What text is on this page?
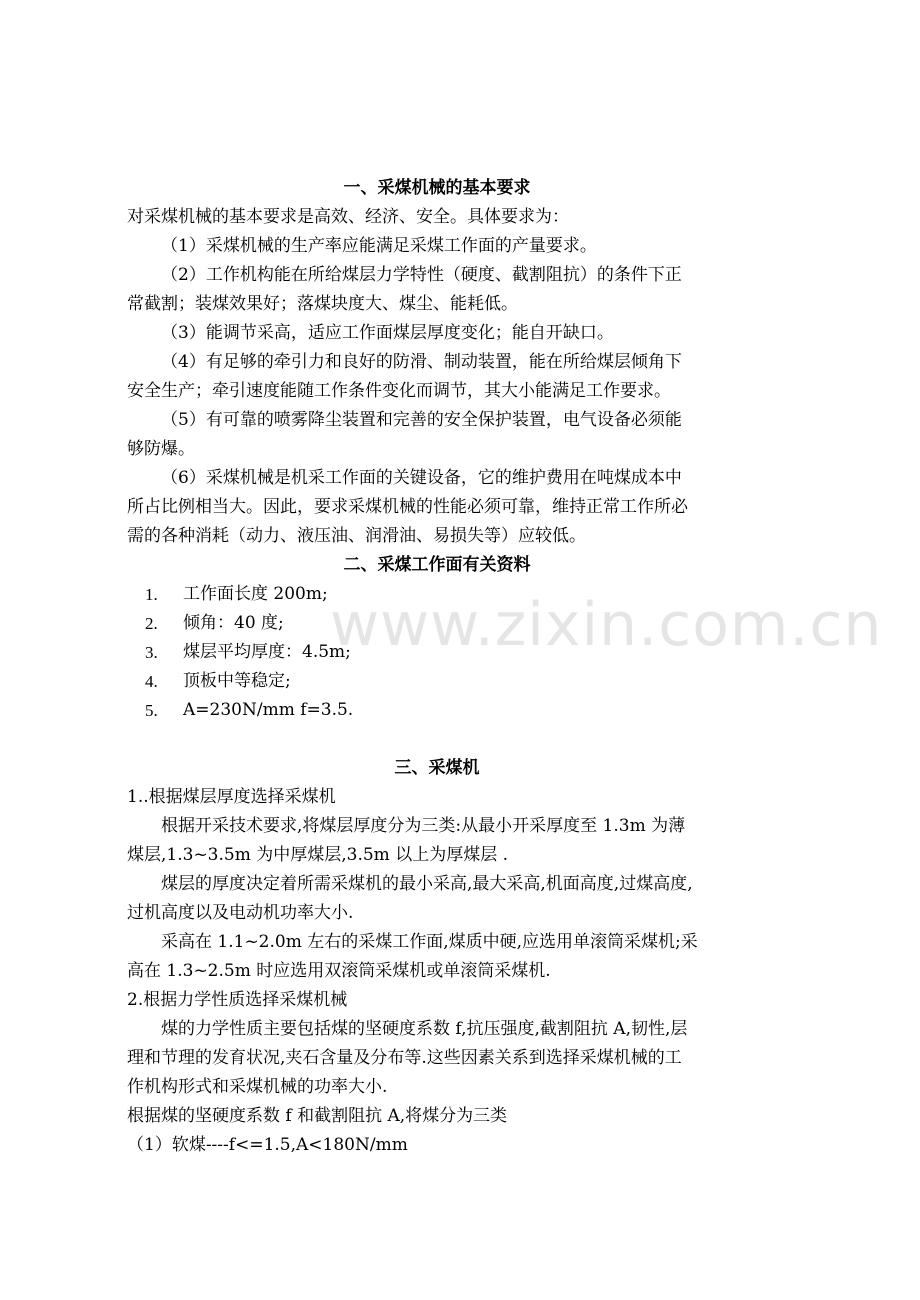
www.zixin.com.cn
一、采煤机械的基本要求
对采煤机械的基本要求是高效、经济、安全。具体要求为：
（1）采煤机械的生产率应能满足采煤工作面的产量要求。
（2）工作机构能在所给煤层力学特性（硬度、截割阻抗）的条件下正
常截割；装煤效果好；落煤块度大、煤尘、能耗低。
（3）能调节采高，适应工作面煤层厚度变化；能自开缺口。
（4）有足够的牵引力和良好的防滑、制动装置，能在所给煤层倾角下
安全生产；牵引速度能随工作条件变化而调节，其大小能满足工作要求。
（5）有可靠的喷雾降尘装置和完善的安全保护装置，电气设备必须能
够防爆。
（6）采煤机械是机采工作面的关键设备，它的维护费用在吨煤成本中
所占比例相当大。因此，要求采煤机械的性能必须可靠，维持正常工作所必
需的各种消耗（动力、液压油、润滑油、易损失等）应较低。
二、采煤工作面有关资料
1. 工作面长度 200m;
2. 倾角：40 度;
3. 煤层平均厚度：4.5m;
4. 顶板中等稳定;
5. A=230N/mm f=3.5.
三、采煤机
1..根据煤层厚度选择采煤机
根据开采技术要求,将煤层厚度分为三类:从最小开采厚度至 1.3m 为薄
煤层,1.3~3.5m 为中厚煤层,3.5m 以上为厚煤层 .
煤层的厚度决定着所需采煤机的最小采高,最大采高,机面高度,过煤高度,
过机高度以及电动机功率大小.
采高在 1.1~2.0m 左右的采煤工作面,煤质中硬,应选用单滚筒采煤机;采
高在 1.3~2.5m 时应选用双滚筒采煤机或单滚筒采煤机.
2.根据力学性质选择采煤机械
煤的力学性质主要包括煤的坚硬度系数 f,抗压强度,截割阻抗 A,韧性,层
理和节理的发育状况,夹石含量及分布等.这些因素关系到选择采煤机械的工
作机构形式和采煤机械的功率大小.
根据煤的坚硬度系数 f 和截割阻抗 A,将煤分为三类
（1）软煤----f<=1.5,A<180N/mm
